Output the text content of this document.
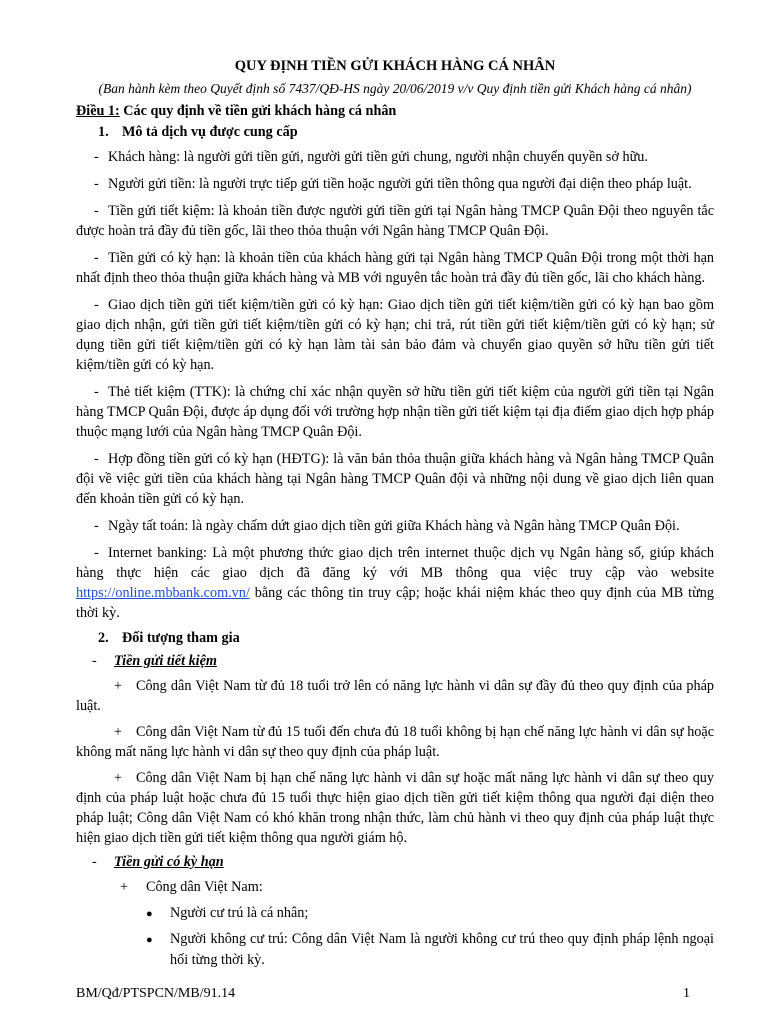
QUY ĐỊNH TIỀN GỬI KHÁCH HÀNG CÁ NHÂN
(Ban hành kèm theo Quyết định số 7437/QĐ-HS ngày 20/06/2019 v/v Quy định tiền gửi Khách hàng cá nhân)
Điều 1: Các quy định về tiền gửi khách hàng cá nhân
1. Mô tả dịch vụ được cung cấp

- Khách hàng: là người gửi tiền gửi, người gửi tiền gửi chung, người nhận chuyển quyền sở hữu.

- Người gửi tiền: là người trực tiếp gửi tiền hoặc người gửi tiền thông qua người đại diện theo pháp luật.

- Tiền gửi tiết kiệm: là khoản tiền được người gửi tiền gửi tại Ngân hàng TMCP Quân Đội theo nguyên tắc được hoàn trả đầy đủ tiền gốc, lãi theo thỏa thuận với Ngân hàng TMCP Quân Đội.

- Tiền gửi có kỳ hạn: là khoản tiền của khách hàng gửi tại Ngân hàng TMCP Quân Đội trong một thời hạn nhất định theo thỏa thuận giữa khách hàng và MB với nguyên tắc hoàn trả đầy đủ tiền gốc, lãi cho khách hàng.

- Giao dịch tiền gửi tiết kiệm/tiền gửi có kỳ hạn: Giao dịch tiền gửi tiết kiệm/tiền gửi có kỳ hạn bao gồm giao dịch nhận, gửi tiền gửi tiết kiệm/tiền gửi có kỳ hạn; chi trả, rút tiền gửi tiết kiệm/tiền gửi có kỳ hạn; sử dụng tiền gửi tiết kiệm/tiền gửi có kỳ hạn làm tài sản bảo đảm và chuyển giao quyền sở hữu tiền gửi tiết kiệm/tiền gửi có kỳ hạn.

- Thẻ tiết kiệm (TTK): là chứng chỉ xác nhận quyền sở hữu tiền gửi tiết kiệm của người gửi tiền tại Ngân hàng TMCP Quân Đội, được áp dụng đối với trường hợp nhận tiền gửi tiết kiệm tại địa điểm giao dịch hợp pháp thuộc mạng lưới của Ngân hàng TMCP Quân Đội.

- Hợp đồng tiền gửi có kỳ hạn (HĐTG): là văn bản thỏa thuận giữa khách hàng và Ngân hàng TMCP Quân đội về việc gửi tiền của khách hàng tại Ngân hàng TMCP Quân đội và những nội dung về giao dịch liên quan đến khoản tiền gửi có kỳ hạn.

- Ngày tất toán: là ngày chấm dứt giao dịch tiền gửi giữa Khách hàng và Ngân hàng TMCP Quân Đội.

- Internet banking: Là một phương thức giao dịch trên internet thuộc dịch vụ Ngân hàng số, giúp khách hàng thực hiện các giao dịch đã đăng ký với MB thông qua việc truy cập vào website https://online.mbbank.com.vn/ bằng các thông tin truy cập; hoặc khái niệm khác theo quy định của MB từng thời kỳ.

2. Đối tượng tham gia
- Tiền gửi tiết kiệm

+ Công dân Việt Nam từ đủ 18 tuổi trở lên có năng lực hành vi dân sự đầy đủ theo quy định của pháp luật.

+ Công dân Việt Nam từ đủ 15 tuổi đến chưa đủ 18 tuổi không bị hạn chế năng lực hành vi dân sự hoặc không mất năng lực hành vi dân sự theo quy định của pháp luật.

+ Công dân Việt Nam bị hạn chế năng lực hành vi dân sự hoặc mất năng lực hành vi dân sự theo quy định của pháp luật hoặc chưa đủ 15 tuổi thực hiện giao dịch tiền gửi tiết kiệm thông qua người đại diện theo pháp luật; Công dân Việt Nam có khó khăn trong nhận thức, làm chủ hành vi theo quy định của pháp luật thực hiện giao dịch tiền gửi tiết kiệm thông qua người giám hộ.

- Tiền gửi có kỳ hạn
+ Công dân Việt Nam:

● Người cư trú là cá nhân;

● Người không cư trú: Công dân Việt Nam là người không cư trú theo quy định pháp lệnh ngoại hối từng thời kỳ.

BM/Qđ/PTSPCN/MB/91.14	1
